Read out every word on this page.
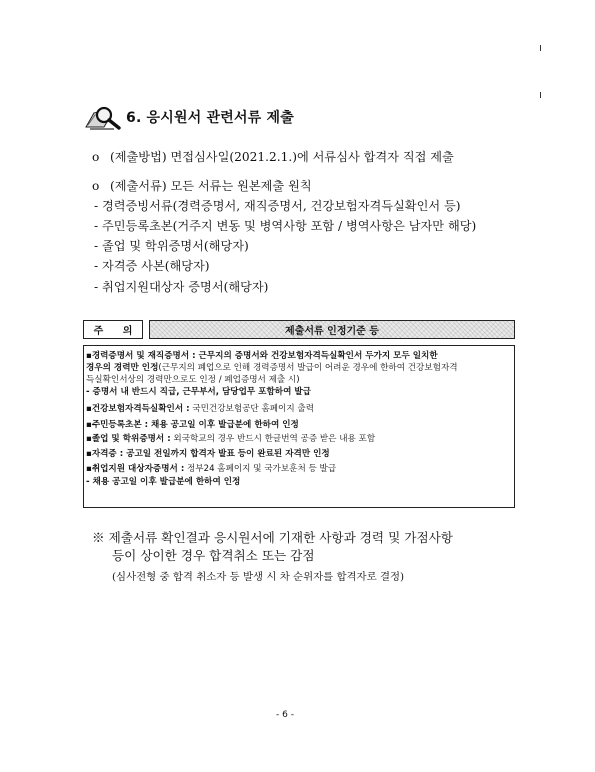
6. 응시원서 관련서류 제출
o (제출방법) 면접심사일(2021.2.1.)에 서류심사 합격자 직접 제출
o (제출서류) 모든 서류는 원본제출 원칙
- 경력증빙서류(경력증명서, 재직증명서, 건강보험자격득실확인서 등)
- 주민등록초본(거주지 변동 및 병역사항 포함 / 병역사항은 남자만 해당)
- 졸업 및 학위증명서(해당자)
- 자격증 사본(해당자)
- 취업지원대상자 증명서(해당자)
주 의	제출서류 인정기준 등
▪경력증명서 및 재직증명서 : 근무지의 증명서와 건강보험자격득실확인서 두가지 모두 일치한
경우의 경력만 인정(근무지의 폐업으로 인해 경력증명서 발급이 어려운 경우에 한하여 건강보험자격
득실확인서상의 경력만으로도 인정 / 폐업증명서 제출 시)
- 증명서 내 반드시 직급, 근무부서, 담당업무 포함하여 발급
▪건강보험자격득실확인서 : 국민건강보험공단 홈페이지 출력
▪주민등록초본 : 채용 공고일 이후 발급분에 한하여 인정
▪졸업 및 학위증명서 : 외국학교의 경우 반드시 한글번역 공증 받은 내용 포함
▪자격증 : 공고일 전일까지 합격자 발표 등이 완료된 자격만 인정
▪취업지원 대상자증명서 : 정부24 홈페이지 및 국가보훈처 등 발급
- 채용 공고일 이후 발급분에 한하여 인정
※ 제출서류 확인결과 응시원서에 기재한 사항과 경력 및 가점사항
등이 상이한 경우 합격취소 또는 감점
(심사전형 중 합격 취소자 등 발생 시 차 순위자를 합격자로 결정)
- 6 -
